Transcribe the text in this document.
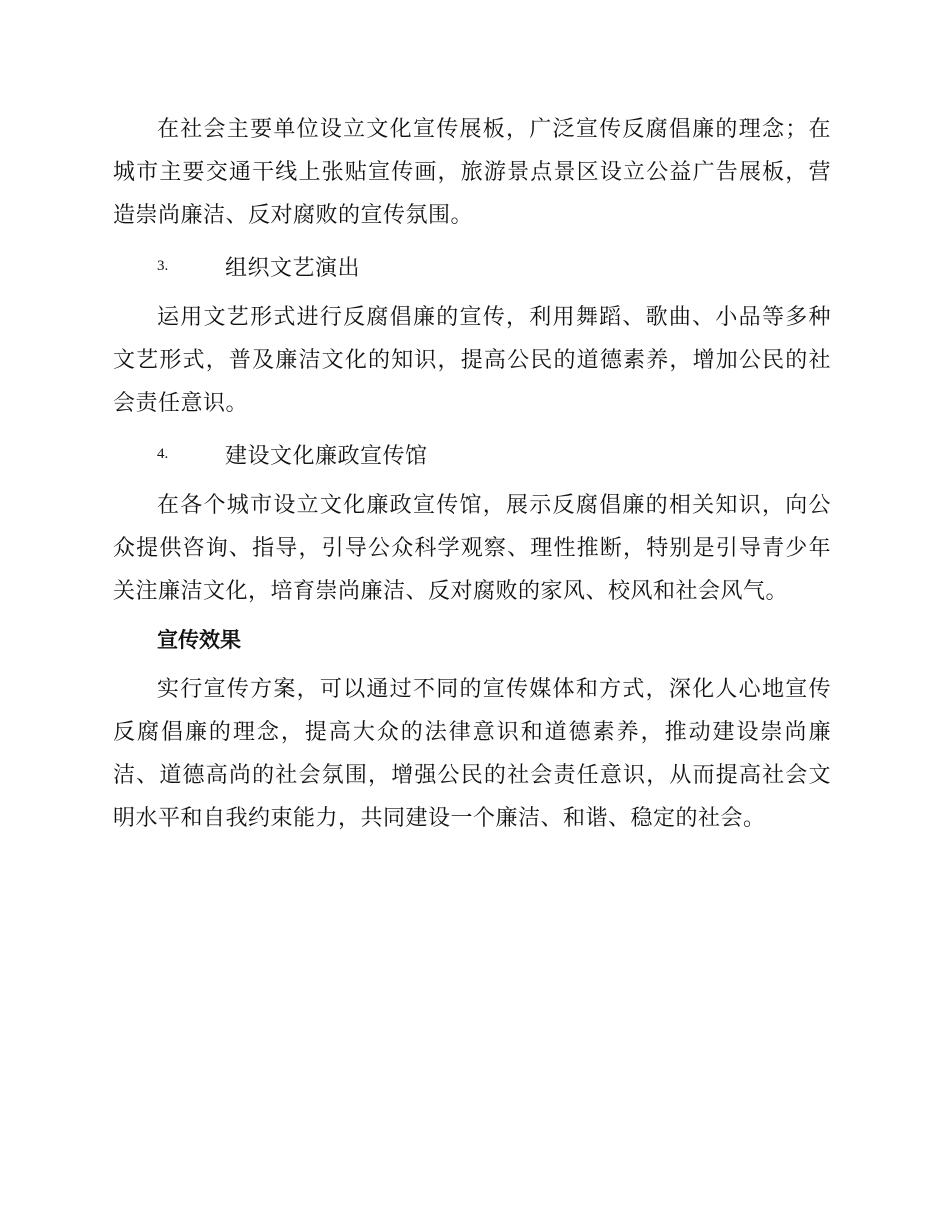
在社会主要单位设立文化宣传展板，广泛宣传反腐倡廉的理念；在城市主要交通干线上张贴宣传画，旅游景点景区设立公益广告展板，营造崇尚廉洁、反对腐败的宣传氛围。

3.	组织文艺演出

运用文艺形式进行反腐倡廉的宣传，利用舞蹈、歌曲、小品等多种文艺形式，普及廉洁文化的知识，提高公民的道德素养，增加公民的社会责任意识。

4.	建设文化廉政宣传馆

在各个城市设立文化廉政宣传馆，展示反腐倡廉的相关知识，向公众提供咨询、指导，引导公众科学观察、理性推断，特别是引导青少年关注廉洁文化，培育崇尚廉洁、反对腐败的家风、校风和社会风气。

宣传效果

实行宣传方案，可以通过不同的宣传媒体和方式，深化人心地宣传反腐倡廉的理念，提高大众的法律意识和道德素养，推动建设崇尚廉洁、道德高尚的社会氛围，增强公民的社会责任意识，从而提高社会文明水平和自我约束能力，共同建设一个廉洁、和谐、稳定的社会。
